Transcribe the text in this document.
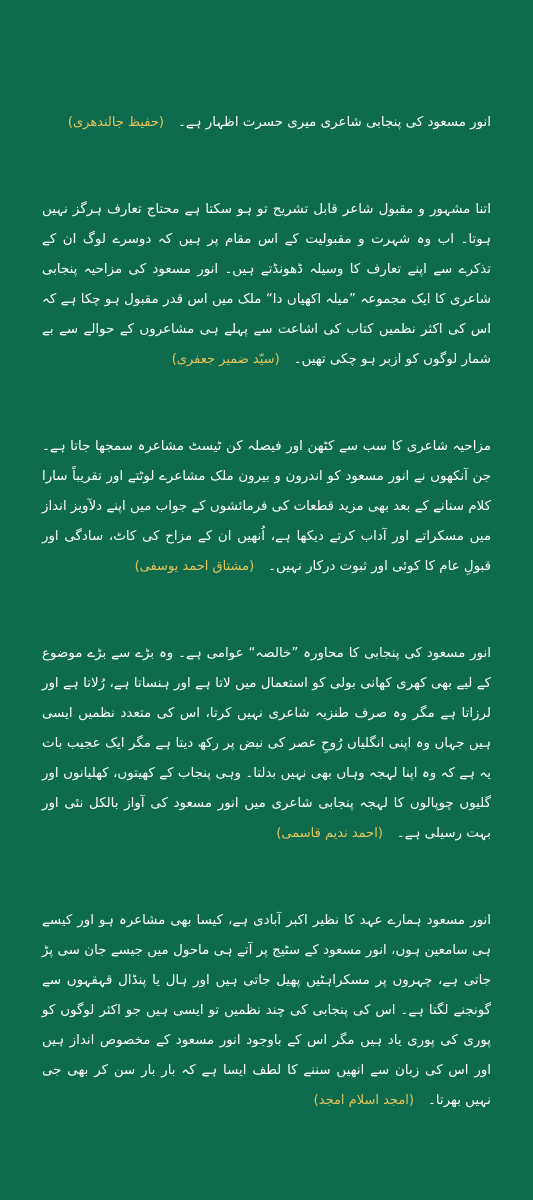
انور مسعود کی پنجابی شاعری میری حسرت اظہار ہے۔(حفیظ جالندھری)

اتنا مشہور و مقبول شاعر قابل تشریح تو ہو سکتا ہے محتاج تعارف ہرگز نہیں ہوتا۔ اب وہ شہرت و مقبولیت کے اس مقام پر ہیں کہ دوسرے لوگ ان کے تذکرے سے اپنے تعارف کا وسیلہ ڈھونڈتے ہیں۔ انور مسعود کی مزاحیہ پنجابی شاعری کا ایک مجموعہ ”میلہ اکھیاں دا“ ملک میں اس قدر مقبول ہو چکا ہے کہ اس کی اکثر نظمیں کتاب کی اشاعت سے پہلے ہی مشاعروں کے حوالے سے بے شمار لوگوں کو ازبر ہو چکی تھیں۔(سیّد ضمیر جعفری)

مزاحیہ شاعری کا سب سے کٹھن اور فیصلہ کن ٹیسٹ مشاعرہ سمجھا جاتا ہے۔ جن آنکھوں نے انور مسعود کو اندرون و بیرون ملک مشاعرے لوٹتے اور تقریباً سارا کلام سنانے کے بعد بھی مزید قطعات کی فرمائشوں کے جواب میں اپنے دلآویز انداز میں مسکراتے اور آداب کرتے دیکھا ہے، اُنھیں ان کے مزاح کی کاٹ، سادگی اور قبولِ عام کا کوئی اور ثبوت درکار نہیں۔(مشتاق احمد یوسفی)

انور مسعود کی پنجابی کا محاورہ ”خالصہ“ عوامی ہے۔ وہ بڑے سے بڑے موضوع کے لیے بھی کھری کھانی بولی کو استعمال میں لاتا ہے اور ہنساتا ہے، رُلاتا ہے اور لرزاتا ہے مگر وہ صرف طنزیہ شاعری نہیں کرتا، اس کی متعدد نظمیں ایسی ہیں جہاں وہ اپنی انگلیاں رُوحِ عصر کی نبض پر رکھ دیتا ہے مگر ایک عجیب بات یہ ہے کہ وہ اپنا لہجہ وہاں بھی نہیں بدلتا۔ وہی پنجاب کے کھیتوں، کھلیانوں اور گلیوں چوپالوں کا لہجہ پنجابی شاعری میں انور مسعود کی آواز بالکل نئی اور بہت رسیلی ہے۔(احمد ندیم قاسمی)

انور مسعود ہمارے عہد کا نظیر اکبر آبادی ہے، کیسا بھی مشاعرہ ہو اور کیسے ہی سامعین ہوں، انور مسعود کے سٹیج پر آتے ہی ماحول میں جیسے جان سی پڑ جاتی ہے، چہروں پر مسکراہٹیں پھیل جاتی ہیں اور ہال یا پنڈال قہقہوں سے گونجنے لگتا ہے۔ اس کی پنجابی کی چند نظمیں تو ایسی ہیں جو اکثر لوگوں کو پوری کی پوری یاد ہیں مگر اس کے باوجود انور مسعود کے مخصوص انداز ہیں اور اس کی زبان سے انھیں سننے کا لطف ایسا ہے کہ بار بار سن کر بھی جی نہیں بھرتا۔(امجد اسلام امجد)
